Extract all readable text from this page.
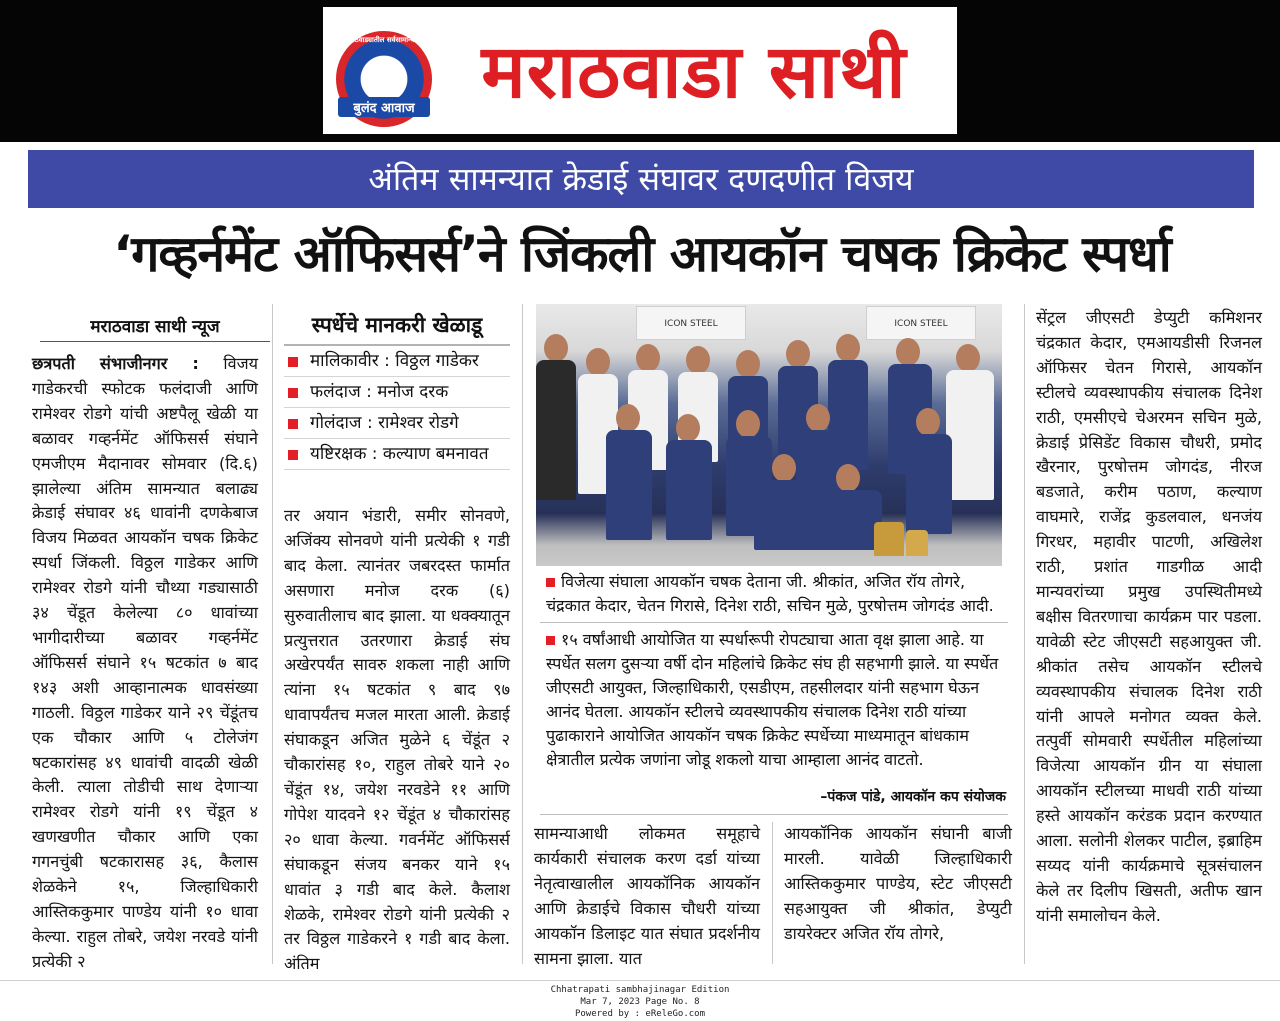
मराठवाड्यातील सर्वसामान्यांचा
बुलंद आवाज मराठवाडा साथी
अंतिम सामन्यात क्रेडाई संघावर दणदणीत विजय
‘गव्हर्नमेंट ऑफिसर्स’ने जिंकली आयकॉन चषक क्रिकेट स्पर्धा
मराठवाडा साथी न्यूज

छत्रपती संभाजीनगर : विजय गाडेकरची स्फोटक फलंदाजी आणि रामेश्वर रोडगे यांची अष्टपैलू खेळी या बळावर गव्हर्नमेंट ऑफिसर्स संघाने एमजीएम मैदानावर सोमवार (दि.६) झालेल्या अंतिम सामन्यात बलाढ्य क्रेडाई संघावर ४६ धावांनी दणकेबाज विजय मिळवत आयकॉन चषक क्रिकेट स्पर्धा जिंकली. विठ्ठल गाडेकर आणि रामेश्वर रोडगे यांनी चौथ्या गड्यासाठी ३४ चेंडूत केलेल्या ८० धावांच्या भागीदारीच्या बळावर गव्हर्नमेंट ऑफिसर्स संघाने १५ षटकांत ७ बाद १४३ अशी आव्हानात्मक धावसंख्या गाठली. विठ्ठल गाडेकर याने २९ चेंडूंतच एक चौकार आणि ५ टोलेजंग षटकारांसह ४९ धावांची वादळी खेळी केली. त्याला तोडीची साथ देणाऱ्या रामेश्वर रोडगे यांनी १९ चेंडूत ४ खणखणीत चौकार आणि एका गगनचुंबी षटकारासह ३६, कैलास शेळकेने १५, जिल्हाधिकारी आस्तिककुमार पाण्डेय यांनी १० धावा केल्या. राहुल तोबरे, जयेश नरवडे यांनी प्रत्येकी २

स्पर्धेचे मानकरी खेळाडू
मालिकावीर : विठ्ठल गाडेकर
फलंदाज : मनोज दरक
गोलंदाज : रामेश्वर रोडगे
यष्टिरक्षक : कल्याण बमनावत

तर अयान भंडारी, समीर सोनवणे, अजिंक्य सोनवणे यांनी प्रत्येकी १ गडी बाद केला. त्यानंतर जबरदस्त फार्मात असणारा मनोज दरक (६) सुरुवातीलाच बाद झाला. या धक्क्यातून प्रत्युत्तरात उतरणारा क्रेडाई संघ अखेरपर्यंत सावरु शकला नाही आणि त्यांना १५ षटकांत ९ बाद ९७ धावापर्यंतच मजल मारता आली. क्रेडाई संघाकडून अजित मुळेने ६ चेंडूंत २ चौकारांसह १०, राहुल तोबरे याने २० चेंडूंत १४, जयेश नरवडेने ११ आणि गोपेश यादवने १२ चेंडूंत ४ चौकारांसह २० धावा केल्या. गवर्नमेंट ऑफिसर्स संघाकडून संजय बनकर याने १५ धावांत ३ गडी बाद केले. कैलाश शेळके, रामेश्वर रोडगे यांनी प्रत्येकी २ तर विठ्ठल गाडेकरने १ गडी बाद केला. अंतिम

ICON STEEL	ICON STEEL
विजेत्या संघाला आयकॉन चषक देताना जी. श्रीकांत, अजित रॉय तोगरे, चंद्रकात केदार, चेतन गिरासे, दिनेश राठी, सचिन मुळे, पुरषोत्तम जोगदंड आदी.
१५ वर्षांआधी आयोजित या स्पर्धारूपी रोपट्याचा आता वृक्ष झाला आहे. या स्पर्धेत सलग दुसऱ्या वर्षी दोन महिलांचे क्रिकेट संघ ही सहभागी झाले. या स्पर्धेत जीएसटी आयुक्त, जिल्हाधिकारी, एसडीएम, तहसीलदार यांनी सहभाग घेऊन आनंद घेतला. आयकॉन स्टीलचे व्यवस्थापकीय संचालक दिनेश राठी यांच्या पुढाकाराने आयोजित आयकॉन चषक क्रिकेट स्पर्धेच्या माध्यमातून बांधकाम क्षेत्रातील प्रत्येक जणांना जोडू शकलो याचा आम्हाला आनंद वाटतो.
–पंकज पांडे, आयकॉन कप संयोजक

सामन्याआधी लोकमत समूहाचे कार्यकारी संचालक करण दर्डा यांच्या नेतृत्वाखालील आयकॉनिक आयकॉन आणि क्रेडाईचे विकास चौधरी यांच्या आयकॉन डिलाइट यात संघात प्रदर्शनीय सामना झाला. यात

आयकॉनिक आयकॉन संघानी बाजी मारली. यावेळी जिल्हाधिकारी आस्तिककुमार पाण्डेय, स्टेट जीएसटी सहआयुक्त जी श्रीकांत, डेप्युटी डायरेक्टर अजित रॉय तोगरे,

सेंट्रल जीएसटी डेप्युटी कमिशनर चंद्रकात केदार, एमआयडीसी रिजनल ऑफिसर चेतन गिरासे, आयकॉन स्टीलचे व्यवस्थापकीय संचालक दिनेश राठी, एमसीएचे चेअरमन सचिन मुळे, क्रेडाई प्रेसिडेंट विकास चौधरी, प्रमोद खैरनार, पुरषोत्तम जोगदंड, नीरज बडजाते, करीम पठाण, कल्याण वाघमारे, राजेंद्र कुडलवाल, धनजंय गिरधर, महावीर पाटणी, अखिलेश राठी, प्रशांत गाडगीळ आदी मान्यवरांच्या प्रमुख उपस्थितीमध्ये बक्षीस वितरणाचा कार्यक्रम पार पडला. यावेळी स्टेट जीएसटी सहआयुक्त जी. श्रीकांत तसेच आयकॉन स्टीलचे व्यवस्थापकीय संचालक दिनेश राठी यांनी आपले मनोगत व्यक्त केले. तत्पुर्वी सोमवारी स्पर्धेतील महिलांच्या विजेत्या आयकॉन ग्रीन या संघाला आयकॉन स्टीलच्या माधवी राठी यांच्या हस्ते आयकॉन करंडक प्रदान करण्यात आला. सलोनी शेलकर पाटील, इब्राहिम सय्यद यांनी कार्यक्रमाचे सूत्रसंचालन केले तर दिलीप खिसती, अतीफ खान यांनी समालोचन केले.

Chhatrapati sambhajinagar Edition
Mar 7, 2023 Page No. 8
Powered by : eReleGo.com
